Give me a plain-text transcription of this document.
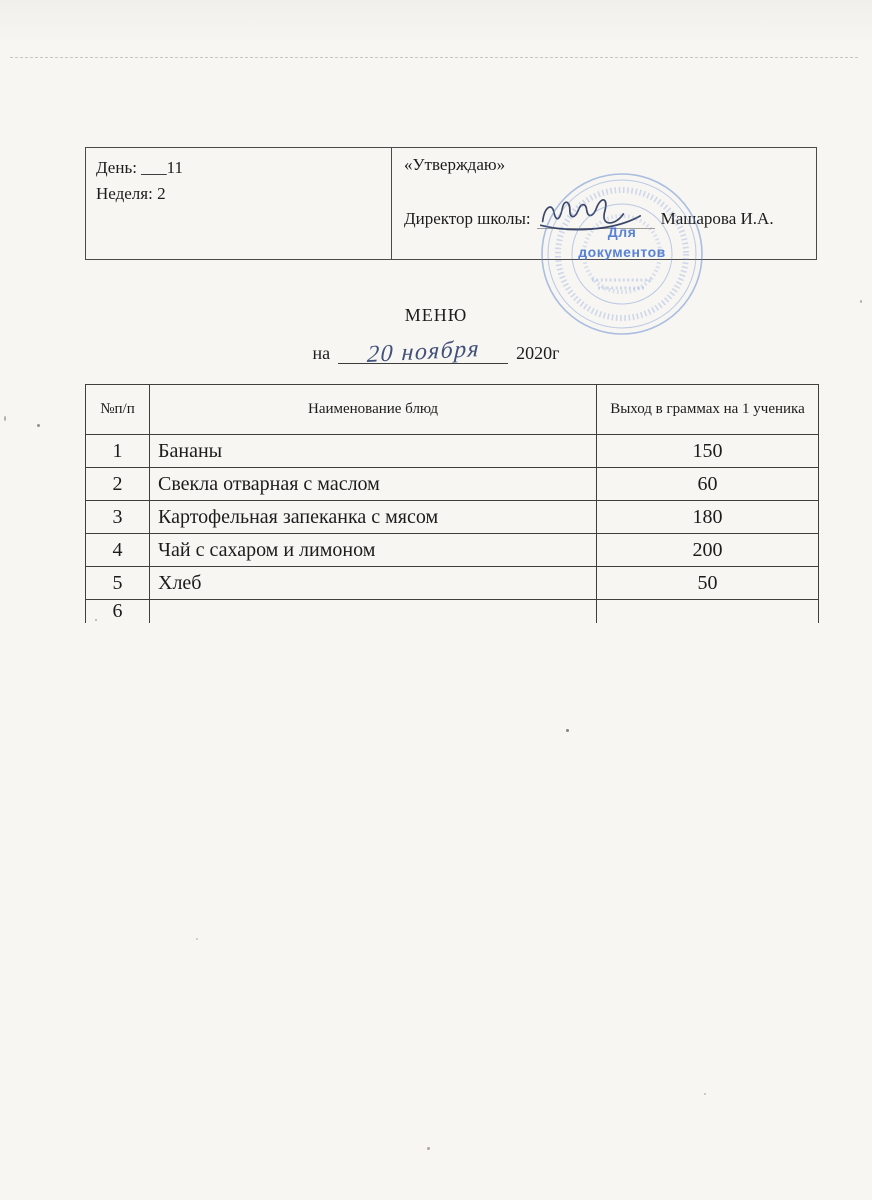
День: ___11
Неделя: 2
«Утверждаю»
Директор школы:	Машарова И.А.
Для
документов
МЕНЮ
на	20 ноября	2020г
№п/п	Наименование блюд	Выход в граммах на 1 ученика
1	Бананы	150
2	Свекла отварная с маслом	60
3	Картофельная запеканка с мясом	180
4	Чай с сахаром и лимоном	200
5	Хлеб	50
6		
